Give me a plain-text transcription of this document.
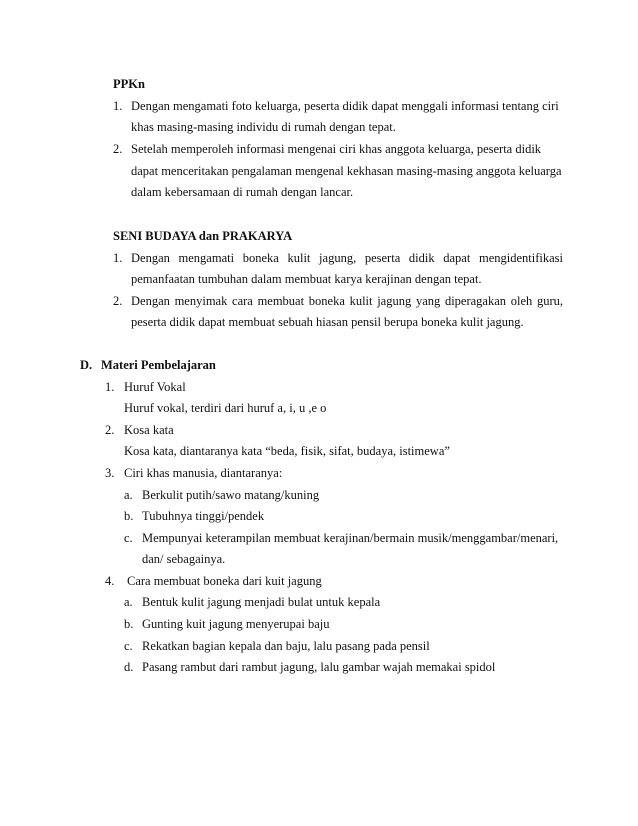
PPKn
1. Dengan mengamati foto keluarga, peserta didik dapat menggali informasi tentang ciri
khas masing-masing individu di rumah dengan tepat.
2. Setelah memperoleh informasi mengenai ciri khas anggota keluarga, peserta didik
dapat menceritakan pengalaman mengenal kekhasan masing-masing anggota keluarga
dalam kebersamaan di rumah dengan lancar.
SENI BUDAYA dan PRAKARYA
1. Dengan mengamati boneka kulit jagung, peserta didik dapat mengidentifikasi
pemanfaatan tumbuhan dalam membuat karya kerajinan dengan tepat.
2. Dengan menyimak cara membuat boneka kulit jagung yang diperagakan oleh guru,
peserta didik dapat membuat sebuah hiasan pensil berupa boneka kulit jagung.
D. Materi Pembelajaran
1. Huruf Vokal
Huruf vokal, terdiri dari huruf a, i, u ,e o
2. Kosa kata
Kosa kata, diantaranya kata “beda, fisik, sifat, budaya, istimewa”
3. Ciri khas manusia, diantaranya:
a. Berkulit putih/sawo matang/kuning
b. Tubuhnya tinggi/pendek
c. Mempunyai keterampilan membuat kerajinan/bermain musik/menggambar/menari,
dan/ sebagainya.
4. Cara membuat boneka dari kuit jagung
a. Bentuk kulit jagung menjadi bulat untuk kepala
b. Gunting kuit jagung menyerupai baju
c. Rekatkan bagian kepala dan baju, lalu pasang pada pensil
d. Pasang rambut dari rambut jagung, lalu gambar wajah memakai spidol
